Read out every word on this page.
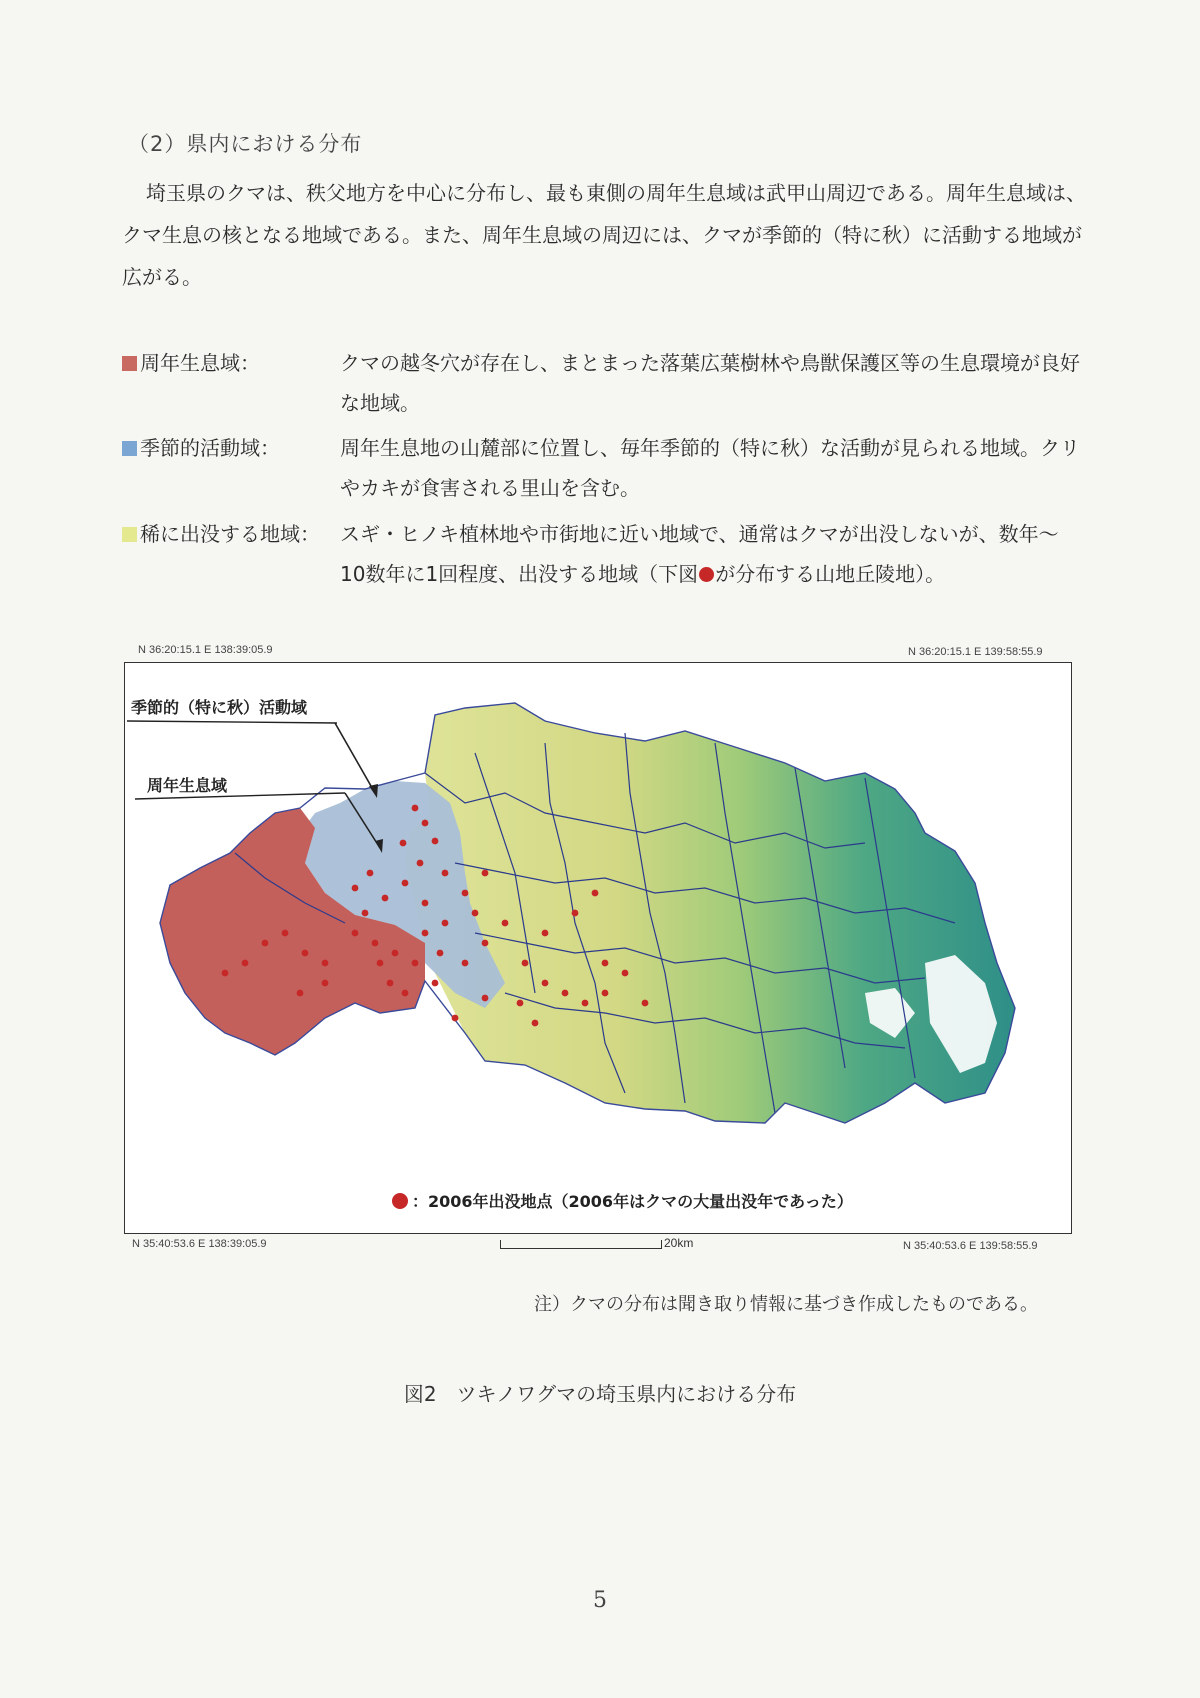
（2）県内における分布
埼玉県のクマは、秩父地方を中心に分布し、最も東側の周年生息域は武甲山周辺である。周年生息域は、クマ生息の核となる地域である。また、周年生息域の周辺には、クマが季節的（特に秋）に活動する地域が広がる。
周年生息域：	クマの越冬穴が存在し、まとまった落葉広葉樹林や鳥獣保護区等の生息環境が良好な地域。
季節的活動域：	周年生息地の山麓部に位置し、毎年季節的（特に秋）な活動が見られる地域。クリやカキが食害される里山を含む。
稀に出没する地域： スギ・ヒノキ植林地や市街地に近い地域で、通常はクマが出没しないが、数年～10数年に1回程度、出没する地域（下図 が分布する山地丘陵地）。
N 36:20:15.1 E 138:39:05.9	N 36:20:15.1 E 139:58:55.9
季節的（特に秋）活動域
周年生息域
：2006年出没地点（2006年はクマの大量出没年であった）
N 35:40:53.6 E 138:39:05.9	N 35:40:53.6 E 139:58:55.9
20km
注）クマの分布は聞き取り情報に基づき作成したものである。
図2　ツキノワグマの埼玉県内における分布
5
